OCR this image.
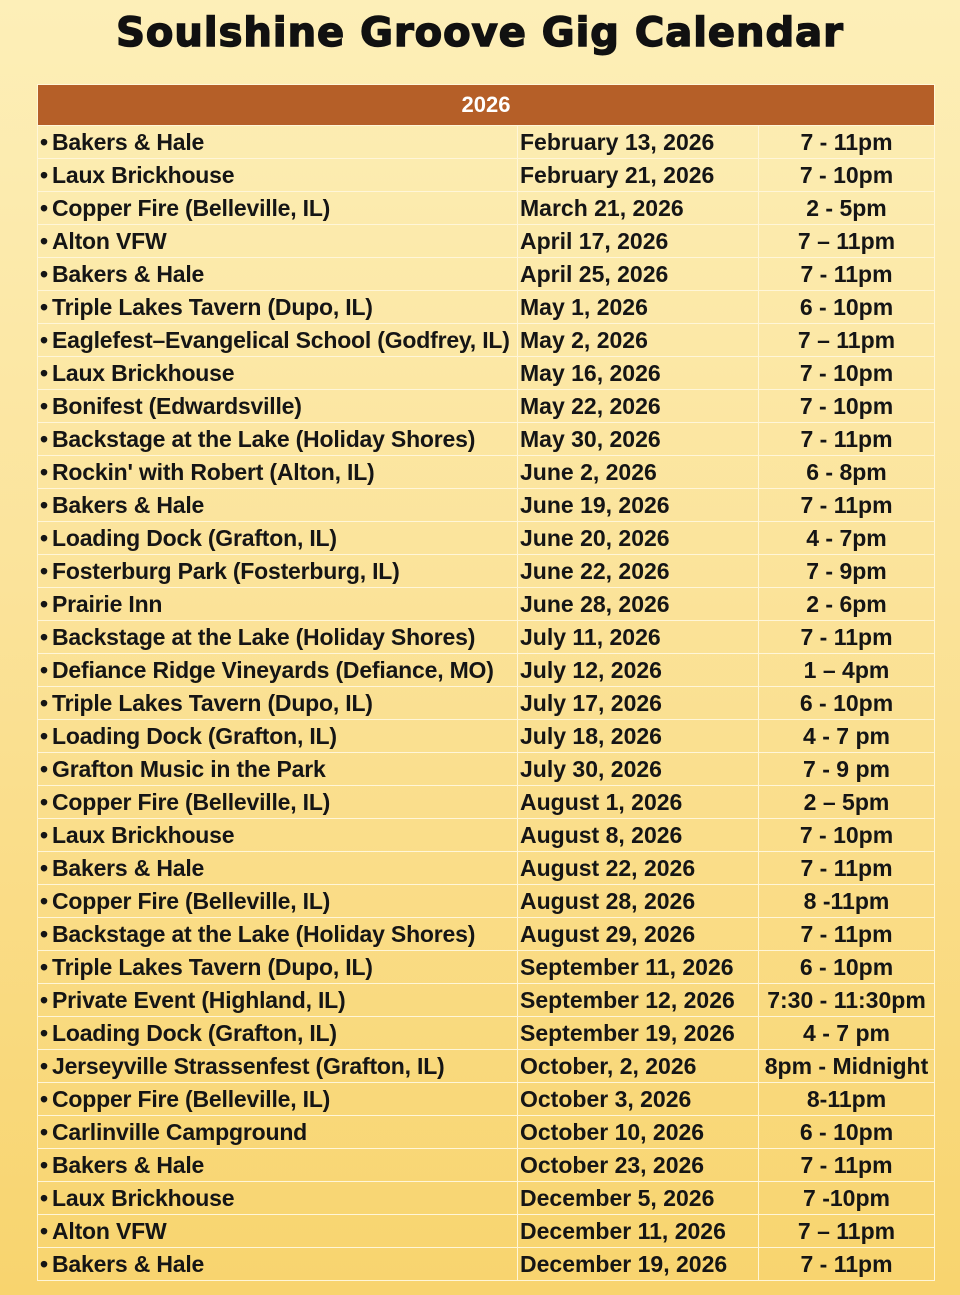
Soulshine Groove Gig Calendar
2026		
• Bakers & Hale	February 13, 2026	7 - 11pm
• Laux Brickhouse	February 21, 2026	7 - 10pm
• Copper Fire (Belleville, IL)	March 21, 2026	2 - 5pm
• Alton VFW	April 17, 2026	7 – 11pm
• Bakers & Hale	April 25, 2026	7 - 11pm
• Triple Lakes Tavern (Dupo, IL)	May 1, 2026	6 - 10pm
• Eaglefest–Evangelical School (Godfrey, IL)	May 2, 2026	7 – 11pm
• Laux Brickhouse	May 16, 2026	7 - 10pm
• Bonifest (Edwardsville)	May 22, 2026	7 - 10pm
• Backstage at the Lake (Holiday Shores)	May 30, 2026	7 - 11pm
• Rockin' with Robert (Alton, IL)	June 2, 2026	6 - 8pm
• Bakers & Hale	June 19, 2026	7 - 11pm
• Loading Dock (Grafton, IL)	June 20, 2026	4 - 7pm
• Fosterburg Park (Fosterburg, IL)	June 22, 2026	7 - 9pm
• Prairie Inn	June 28, 2026	2 - 6pm
• Backstage at the Lake (Holiday Shores)	July 11, 2026	7 - 11pm
• Defiance Ridge Vineyards (Defiance, MO)	July 12, 2026	1 – 4pm
• Triple Lakes Tavern (Dupo, IL)	July 17, 2026	6 - 10pm
• Loading Dock (Grafton, IL)	July 18, 2026	4 - 7 pm
• Grafton Music in the Park	July 30, 2026	7 - 9 pm
• Copper Fire (Belleville, IL)	August 1, 2026	2 – 5pm
• Laux Brickhouse	August 8, 2026	7 - 10pm
• Bakers & Hale	August 22, 2026	7 - 11pm
• Copper Fire (Belleville, IL)	August 28, 2026	8 -11pm
• Backstage at the Lake (Holiday Shores)	August 29, 2026	7 - 11pm
• Triple Lakes Tavern (Dupo, IL)	September 11, 2026	6 - 10pm
• Private Event (Highland, IL)	September 12, 2026	7:30 - 11:30pm
• Loading Dock (Grafton, IL)	September 19, 2026	4 - 7 pm
• Jerseyville Strassenfest (Grafton, IL)	October, 2, 2026	8pm - Midnight
• Copper Fire (Belleville, IL)	October 3, 2026	8-11pm
• Carlinville Campground	October 10, 2026	6 - 10pm
• Bakers & Hale	October 23, 2026	7 - 11pm
• Laux Brickhouse	December 5, 2026	7 -10pm
• Alton VFW	December 11, 2026	7 – 11pm
• Bakers & Hale	December 19, 2026	7 - 11pm
